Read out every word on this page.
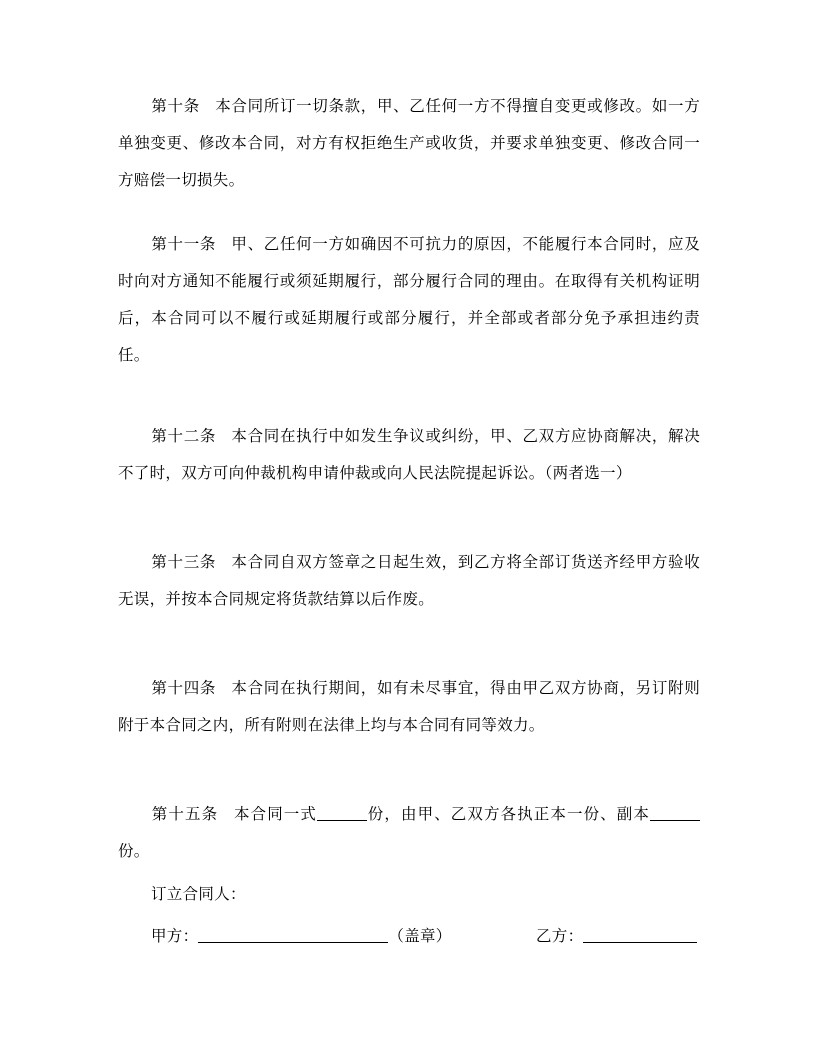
第十条 本合同所订一切条款，甲、乙任何一方不得擅自变更或修改。如一方单独变更、修改本合同，对方有权拒绝生产或收货，并要求单独变更、修改合同一方赔偿一切损失。

第十一条 甲、乙任何一方如确因不可抗力的原因，不能履行本合同时，应及时向对方通知不能履行或须延期履行，部分履行合同的理由。在取得有关机构证明后，本合同可以不履行或延期履行或部分履行，并全部或者部分免予承担违约责任。

第十二条 本合同在执行中如发生争议或纠纷，甲、乙双方应协商解决，解决不了时，双方可向仲裁机构申请仲裁或向人民法院提起诉讼。（两者选一）

第十三条 本合同自双方签章之日起生效，到乙方将全部订货送齐经甲方验收无误，并按本合同规定将货款结算以后作废。

第十四条 本合同在执行期间，如有未尽事宜，得由甲乙双方协商，另订附则附于本合同之内，所有附则在法律上均与本合同有同等效力。

第十五条 本合同一式	份，由甲、乙双方各执正本一份、副本份。

订立合同人：
甲方：	（盖章）	乙方：
